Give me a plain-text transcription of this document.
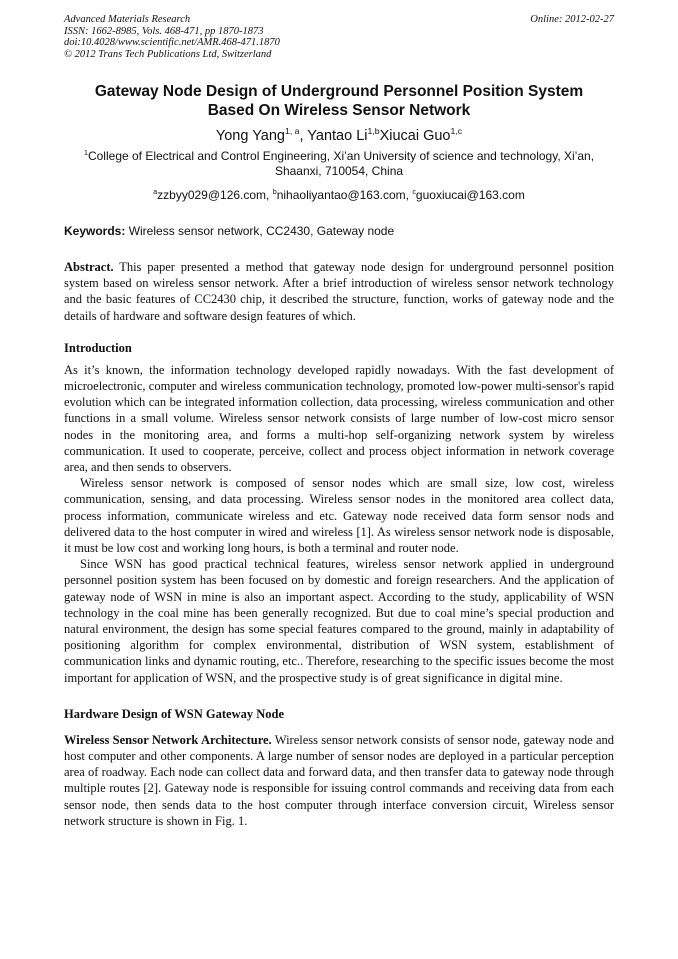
Advanced Materials Research
ISSN: 1662-8985, Vols. 468-471, pp 1870-1873
doi:10.4028/www.scientific.net/AMR.468-471.1870
© 2012 Trans Tech Publications Ltd, Switzerland
Online: 2012-02-27
Gateway Node Design of Underground Personnel Position System
Based On Wireless Sensor Network
Yong Yang$^{1, a}$, Yantao Li$^{1,b}$Xiucai Guo$^{1,c}$
$^1$College of Electrical and Control Engineering, Xi’an University of science and technology, Xi’an,
Shaanxi, 710054, China
$^a$zzbyy029@126.com, $^b$nihaoliyantao@163.com, $^c$guoxiucai@163.com
Keywords: Wireless sensor network, CC2430, Gateway node

Abstract. This paper presented a method that gateway node design for underground personnel position system based on wireless sensor network. After a brief introduction of wireless sensor network technology and the basic features of CC2430 chip, it described the structure, function, works of gateway node and the details of hardware and software design features of which.

Introduction

As it’s known, the information technology developed rapidly nowadays. With the fast development of microelectronic, computer and wireless communication technology, promoted low-power multi-sensor's rapid evolution which can be integrated information collection, data processing, wireless communication and other functions in a small volume. Wireless sensor network consists of large number of low-cost micro sensor nodes in the monitoring area, and forms a multi-hop self-organizing network system by wireless communication. It used to cooperate, perceive, collect and process object information in network coverage area, and then sends to observers.

Wireless sensor network is composed of sensor nodes which are small size, low cost, wireless communication, sensing, and data processing. Wireless sensor nodes in the monitored area collect data, process information, communicate wireless and etc. Gateway node received data form sensor nods and delivered data to the host computer in wired and wireless [1]. As wireless sensor network node is disposable, it must be low cost and working long hours, is both a terminal and router node.

Since WSN has good practical technical features, wireless sensor network applied in underground personnel position system has been focused on by domestic and foreign researchers. And the application of gateway node of WSN in mine is also an important aspect. According to the study, applicability of WSN technology in the coal mine has been generally recognized. But due to coal mine’s special production and natural environment, the design has some special features compared to the ground, mainly in adaptability of positioning algorithm for complex environmental, distribution of WSN system, establishment of communication links and dynamic routing, etc.. Therefore, researching to the specific issues become the most important for application of WSN, and the prospective study is of great significance in digital mine.

Hardware Design of WSN Gateway Node

Wireless Sensor Network Architecture. Wireless sensor network consists of sensor node, gateway node and host computer and other components. A large number of sensor nodes are deployed in a particular perception area of roadway. Each node can collect data and forward data, and then transfer data to gateway node through multiple routes [2]. Gateway node is responsible for issuing control commands and receiving data from each sensor node, then sends data to the host computer through interface conversion circuit, Wireless sensor network structure is shown in Fig. 1.
